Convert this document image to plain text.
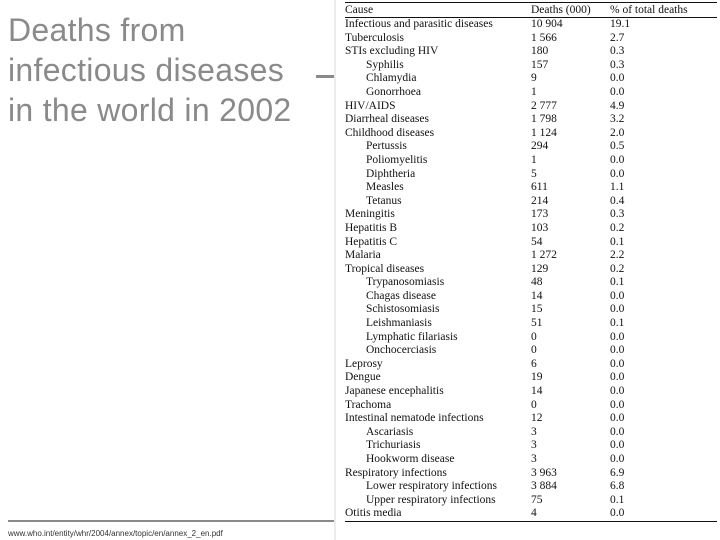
Deaths from
infectious diseases
in the world in 2002
www.who.int/entity/whr/2004/annex/topic/en/annex_2_en.pdf
Cause	Deaths (000)	% of total deaths
Infectious and parasitic diseases	10 904	19.1
Tuberculosis	1 566	2.7
STIs excluding HIV	180	0.3
Syphilis	157	0.3
Chlamydia	9	0.0
Gonorrhoea	1	0.0
HIV/AIDS	2 777	4.9
Diarrheal diseases	1 798	3.2
Childhood diseases	1 124	2.0
Pertussis	294	0.5
Poliomyelitis	1	0.0
Diphtheria	5	0.0
Measles	611	1.1
Tetanus	214	0.4
Meningitis	173	0.3
Hepatitis B	103	0.2
Hepatitis C	54	0.1
Malaria	1 272	2.2
Tropical diseases	129	0.2
Trypanosomiasis	48	0.1
Chagas disease	14	0.0
Schistosomiasis	15	0.0
Leishmaniasis	51	0.1
Lymphatic filariasis	0	0.0
Onchocerciasis	0	0.0
Leprosy	6	0.0
Dengue	19	0.0
Japanese encephalitis	14	0.0
Trachoma	0	0.0
Intestinal nematode infections	12	0.0
Ascariasis	3	0.0
Trichuriasis	3	0.0
Hookworm disease	3	0.0
Respiratory infections	3 963	6.9
Lower respiratory infections	3 884	6.8
Upper respiratory infections	75	0.1
Otitis media	4	0.0
